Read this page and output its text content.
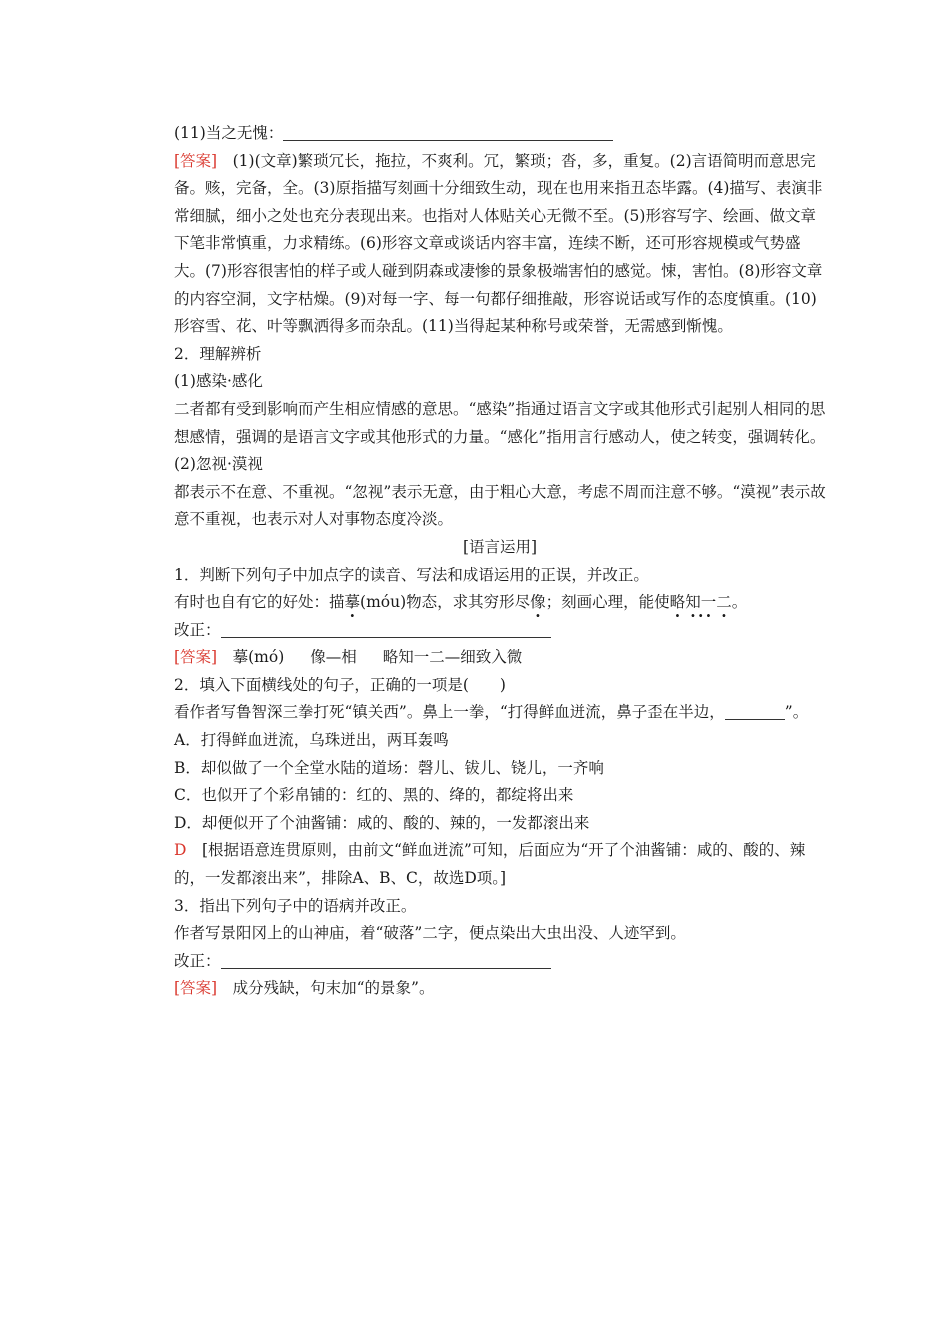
(11)当之无愧：

[答案]　 (1)(文章)繁琐冗长，拖拉，不爽利。冗，繁琐；沓，多，重复。(2)言语简明而意思完备。赅，完备，全。(3)原指描写刻画十分细致生动，现在也用来指丑态毕露。(4)描写、表演非常细腻，细小之处也充分表现出来。也指对人体贴关心无微不至。(5)形容写字、绘画、做文章下笔非常慎重，力求精练。(6)形容文章或谈话内容丰富，连续不断，还可形容规模或气势盛大。(7)形容很害怕的样子或人碰到阴森或凄惨的景象极端害怕的感觉。悚，害怕。(8)形容文章的内容空洞，文字枯燥。(9)对每一字、每一句都仔细推敲，形容说话或写作的态度慎重。(10)形容雪、花、叶等飘洒得多而杂乱。(11)当得起某种称号或荣誉，无需感到惭愧。

2．理解辨析

(1)感染·感化

二者都有受到影响而产生相应情感的意思。“感染”指通过语言文字或其他形式引起别人相同的思想感情，强调的是语言文字或其他形式的力量。“感化”指用言行感动人，使之转变，强调转化。

(2)忽视·漠视

都表示不在意、不重视。“忽视”表示无意，由于粗心大意，考虑不周而注意不够。“漠视”表示故意不重视，也表示对人对事物态度冷淡。

[语言运用]

1．判断下列句子中加点字的读音、写法和成语运用的正误，并改正。

有时也自有它的好处：描摹(móu)物态，求其穷形尽像；刻画心理，能使略知一二。

改正：

[答案]　 摹(mó) 像—相 略知一二—细致入微

2．填入下面横线处的句子，正确的一项是(　　)

看作者写鲁智深三拳打死“镇关西”。鼻上一拳，“打得鲜血迸流，鼻子歪在半边，	”。

A．打得鲜血迸流，乌珠迸出，两耳轰鸣

B．却似做了一个全堂水陆的道场：磬儿、钹儿、铙儿，一齐响

C．也似开了个彩帛铺的：红的、黑的、绛的，都绽将出来

D．却便似开了个油酱铺：咸的、酸的、辣的，一发都滚出来

D　 [根据语意连贯原则，由前文“鲜血迸流”可知，后面应为“开了个油酱铺：咸的、酸的、辣的，一发都滚出来”，排除A、B、C，故选D项。]

3．指出下列句子中的语病并改正。

作者写景阳冈上的山神庙，着“破落”二字，便点染出大虫出没、人迹罕到。

改正：

[答案]　 成分残缺，句末加“的景象”。
